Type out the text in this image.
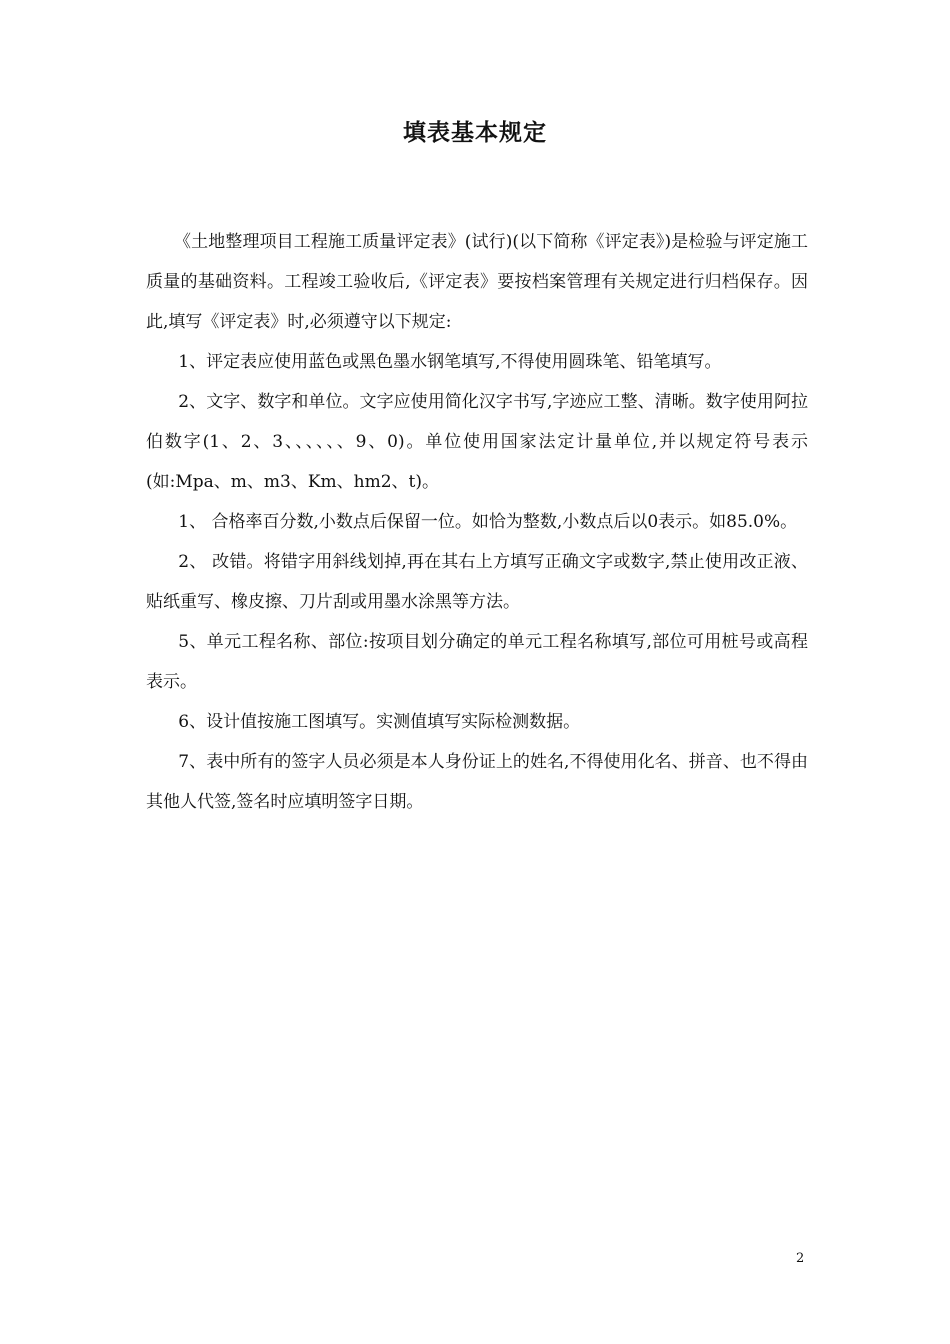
填表基本规定

《土地整理项目工程施工质量评定表》(试行)(以下简称《评定表》)是检验与评定施工质量的基础资料。工程竣工验收后,《评定表》要按档案管理有关规定进行归档保存。因此,填写《评定表》时,必须遵守以下规定:

1、评定表应使用蓝色或黑色墨水钢笔填写,不得使用圆珠笔、铅笔填写。

2、文字、数字和单位。文字应使用简化汉字书写,字迹应工整、清晰。数字使用阿拉伯数字(1、2、3、、、、、、9、0)。单位使用国家法定计量单位,并以规定符号表示(如:Mpa、m、m3、Km、hm2、t)。

1、 合格率百分数,小数点后保留一位。如恰为整数,小数点后以0表示。如85.0%。

2、 改错。将错字用斜线划掉,再在其右上方填写正确文字或数字,禁止使用改正液、贴纸重写、橡皮擦、刀片刮或用墨水涂黑等方法。

5、单元工程名称、部位:按项目划分确定的单元工程名称填写,部位可用桩号或高程表示。

6、设计值按施工图填写。实测值填写实际检测数据。

7、表中所有的签字人员必须是本人身份证上的姓名,不得使用化名、拼音、也不得由其他人代签,签名时应填明签字日期。

2
